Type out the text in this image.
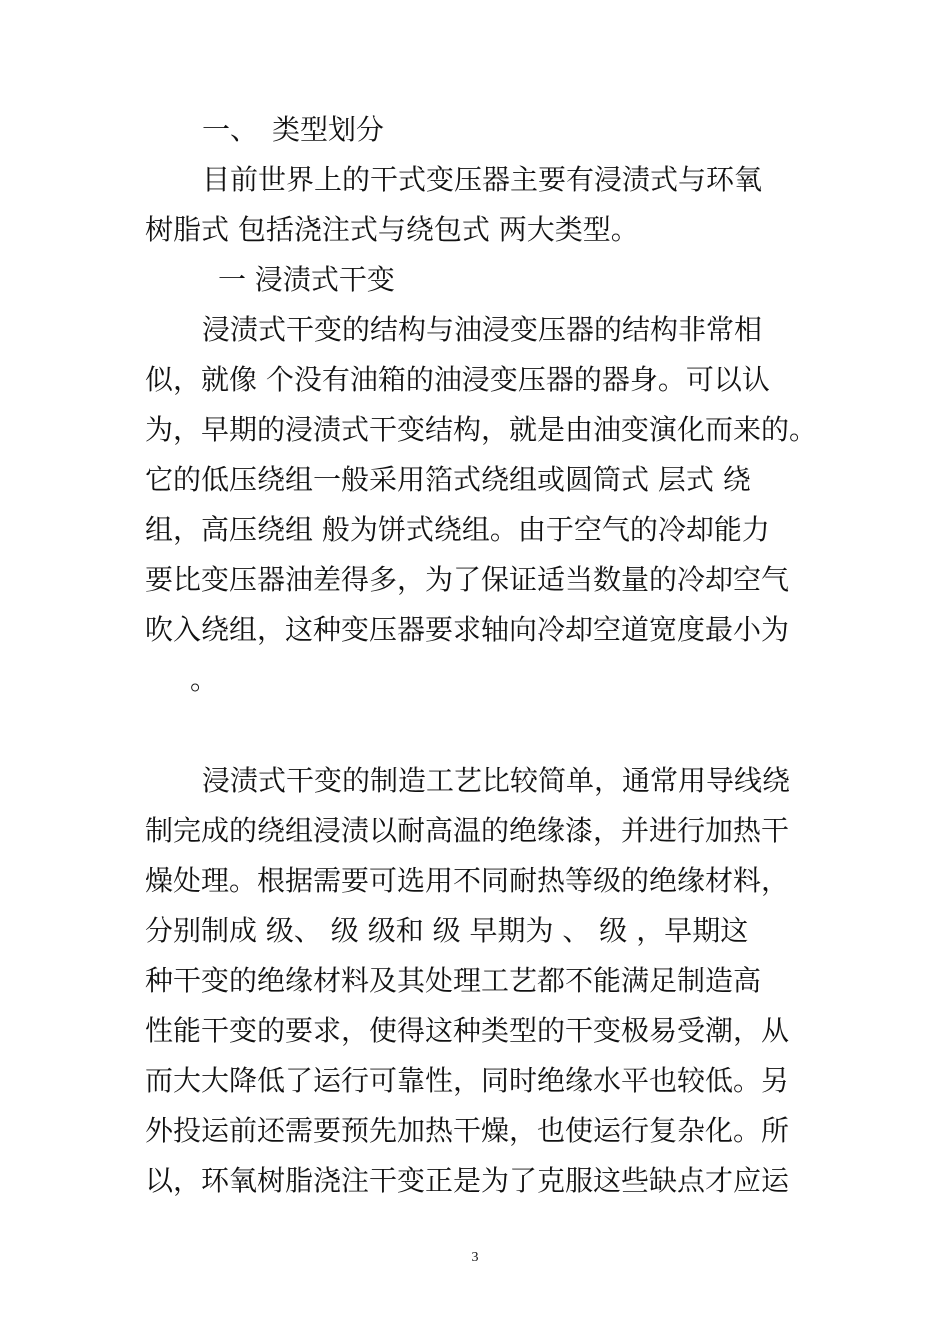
一、　类型划分

目前世界上的干式变压器主要有浸渍式与环氧

树脂式 包括浇注式与绕包式 两大类型。

一 浸渍式干变

浸渍式干变的结构与油浸变压器的结构非常相

似，就像 个没有油箱的油浸变压器的器身。可以认

为，早期的浸渍式干变结构，就是由油变演化而来的。

它的低压绕组一般采用箔式绕组或圆筒式 层式 绕

组，高压绕组 般为饼式绕组。由于空气的冷却能力

要比变压器油差得多，为了保证适当数量的冷却空气

吹入绕组，这种变压器要求轴向冷却空道宽度最小为

。

浸渍式干变的制造工艺比较简单，通常用导线绕

制完成的绕组浸渍以耐高温的绝缘漆，并进行加热干

燥处理。根据需要可选用不同耐热等级的绝缘材料，

分别制成 级、 级 级和 级 早期为 、 级 ，早期这

种干变的绝缘材料及其处理工艺都不能满足制造高

性能干变的要求，使得这种类型的干变极易受潮，从

而大大降低了运行可靠性，同时绝缘水平也较低。另

外投运前还需要预先加热干燥，也使运行复杂化。所

以，环氧树脂浇注干变正是为了克服这些缺点才应运

3
